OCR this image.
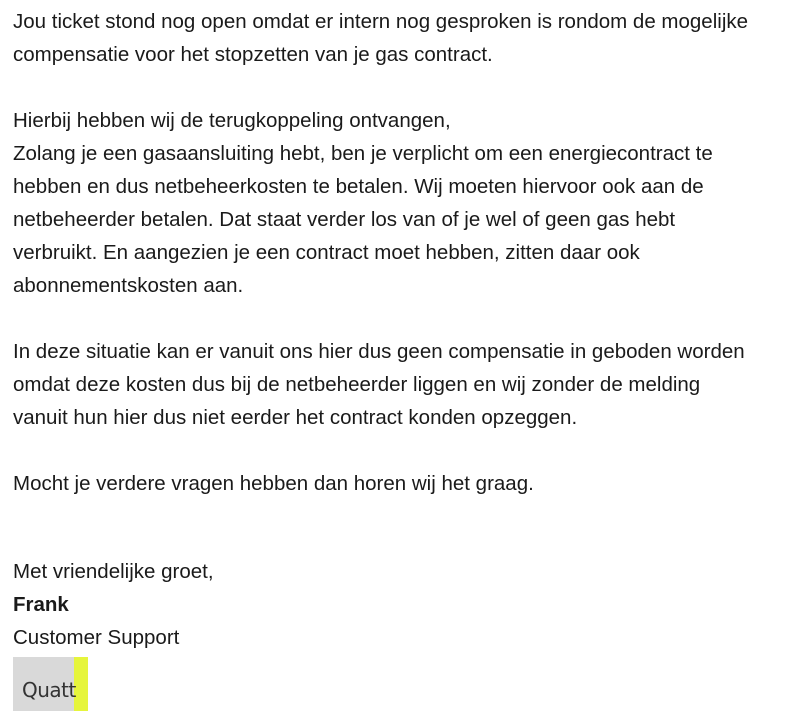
Jou ticket stond nog open omdat er intern nog gesproken is rondom de mogelijke
compensatie voor het stopzetten van je gas contract.

Hierbij hebben wij de terugkoppeling ontvangen,
Zolang je een gasaansluiting hebt, ben je verplicht om een energiecontract te
hebben en dus netbeheerkosten te betalen. Wij moeten hiervoor ook aan de
netbeheerder betalen. Dat staat verder los van of je wel of geen gas hebt
verbruikt. En aangezien je een contract moet hebben, zitten daar ook
abonnementskosten aan.

In deze situatie kan er vanuit ons hier dus geen compensatie in geboden worden
omdat deze kosten dus bij de netbeheerder liggen en wij zonder de melding
vanuit hun hier dus niet eerder het contract konden opzeggen.

Mocht je verdere vragen hebben dan horen wij het graag.

Met vriendelijke groet,
Frank
Customer Support
Quatt
